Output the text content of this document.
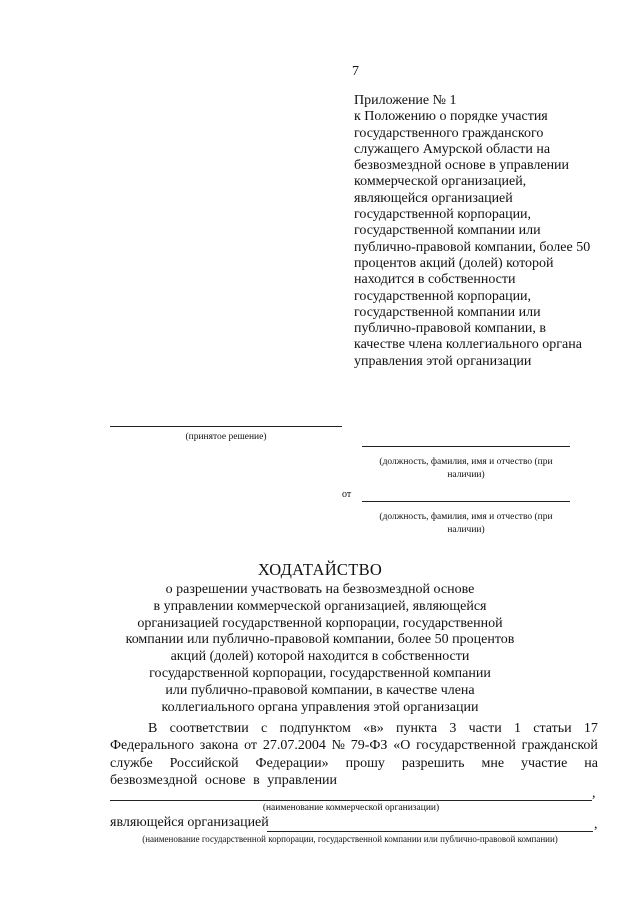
7
Приложение № 1
к Положению о порядке участия
государственного гражданского
служащего Амурской области на
безвозмездной основе в управлении
коммерческой организацией,
являющейся организацией
государственной корпорации,
государственной компании или
публично-правовой компании, более 50
процентов акций (долей) которой
находится в собственности
государственной корпорации,
государственной компании или
публично-правовой компании, в
качестве члена коллегиального органа
управления этой организации
(принятое решение)
(должность, фамилия, имя и отчество (при наличии)
от
(должность, фамилия, имя и отчество (при наличии)
ХОДАТАЙСТВО
о разрешении участвовать на безвозмездной основе
в управлении коммерческой организацией, являющейся
организацией государственной корпорации, государственной
компании или публично-правовой компании, более 50 процентов
акций (долей) которой находится в собственности
государственной корпорации, государственной компании
или публично-правовой компании, в качестве члена
коллегиального органа управления этой организации
В соответствии с подпунктом «в» пункта 3 части 1 статьи 17
Федерального закона от 27.07.2004 № 79-ФЗ «О государственной гражданской
службе Российской Федерации» прошу разрешить мне участие на
безвозмездной основе в управлении
,
(наименование коммерческой организации)
являющейся организацией	,
(наименование государственной корпорации, государственной компании или публично-правовой компании)
